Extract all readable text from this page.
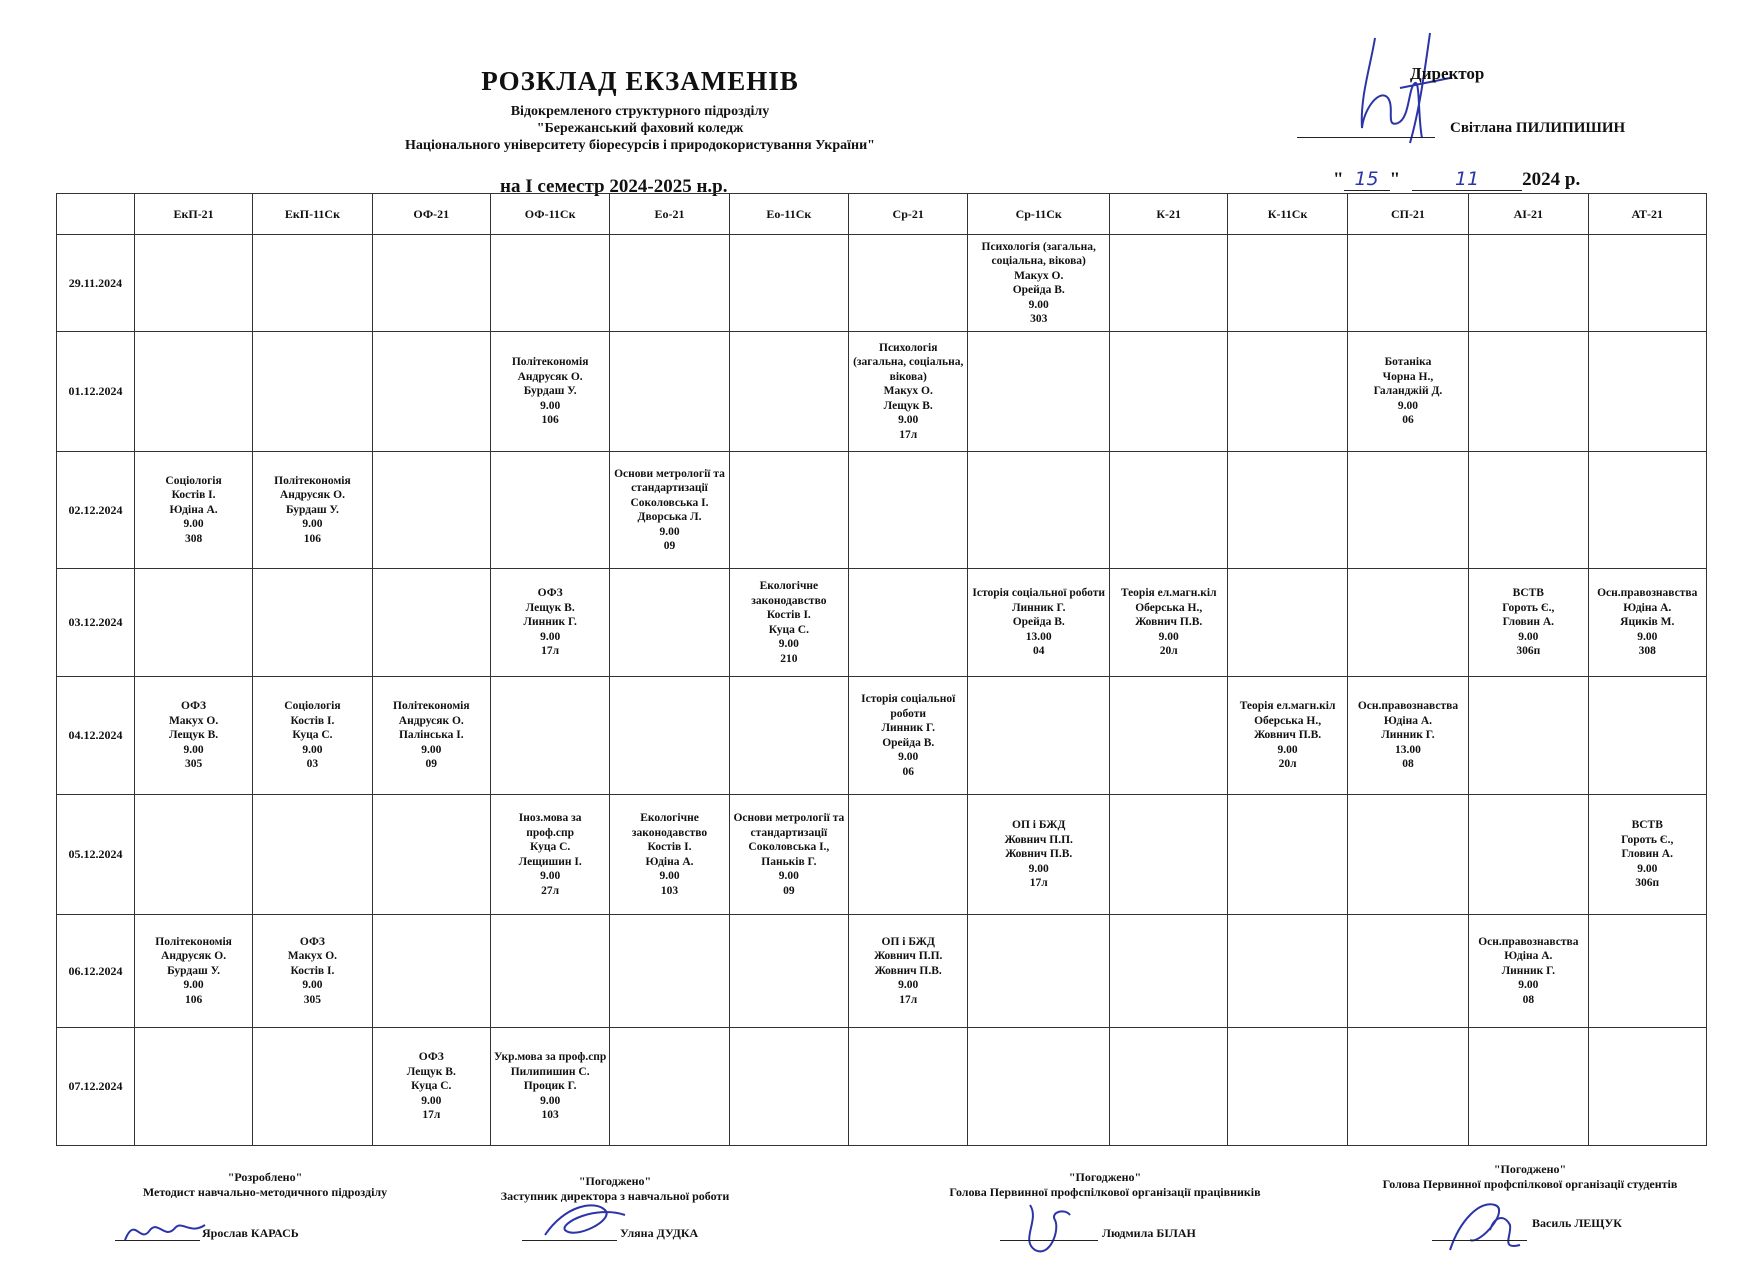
РОЗКЛАД ЕКЗАМЕНІВ
Відокремленого структурного підрозділу
"Бережанський фаховий коледж
Національного університету біоресурсів і природокористування України"
на І семестр 2024-2025 н.р.
Директор
Світлана ПИЛИПИШИН
" 15 "	11 2024 р.
	ЕкП-21	ЕкП-11Ск	ОФ-21	ОФ-11Ск	Ео-21	Ео-11Ск	Ср-21	Ср-11Ск	К-21	К-11Ск	СП-21	АІ-21	АТ-21
29.11.2024								Психологія (загальна, соціальна, вікова)
Макух О.
Орейда В.
9.00
303					

01.12.2024				Політекономія
Андрусяк О.
Бурдаш У.
9.00
106			Психологія (загальна, соціальна, вікова)
Макух О.
Лещук В.
9.00
17л				Ботаніка
Чорна Н.,
Галанджій Д.
9.00
06		

02.12.2024	Соціологія
Костів І.
Юдіна А.
9.00
308	Політекономія
Андрусяк О.
Бурдаш У.
9.00
106			Основи метрології та стандартизації
Соколовська І.
Дворська Л.
9.00
09								

03.12.2024				ОФЗ
Лещук В.
Линник Г.
9.00
17л		Екологічне законодавство
Костів І.
Куца С.
9.00
210		Історія соціальної роботи
Линник Г.
Орейда В.
13.00
04	Теорія ел.магн.кіл
Оберська Н.,
Жовнич П.В.
9.00
20л			ВСТВ
Гороть Є.,
Гловин А.
9.00
306п	Осн.правознавства
Юдіна А.
Яциків М.
9.00
308

04.12.2024	ОФЗ
Макух О.
Лещук В.
9.00
305	Соціологія
Костів І.
Куца С.
9.00
03	Політекономія
Андрусяк О.
Палінська І.
9.00
09				Історія соціальної роботи
Линник Г.
Орейда В.
9.00
06			Теорія ел.магн.кіл
Оберська Н.,
Жовнич П.В.
9.00
20л	Осн.правознавства
Юдіна А.
Линник Г.
13.00
08		

05.12.2024				Іноз.мова за проф.спр
Куца С.
Лещишин І.
9.00
27л	Екологічне законодавство
Костів І.
Юдіна А.
9.00
103	Основи метрології та стандартизації
Соколовська І.,
Паньків Г.
9.00
09		ОП і БЖД
Жовнич П.П.
Жовнич П.В.
9.00
17л					ВСТВ
Гороть Є.,
Гловин А.
9.00
306п

06.12.2024	Політекономія
Андрусяк О.
Бурдаш У.
9.00
106	ОФЗ
Макух О.
Костів І.
9.00
305					ОП і БЖД
Жовнич П.П.
Жовнич П.В.
9.00
17л					Осн.правознавства
Юдіна А.
Линник Г.
9.00
08	

07.12.2024			ОФЗ
Лещук В.
Куца С.
9.00
17л	Укр.мова за проф.спр
Пилипишин С.
Процик Г.
9.00
103									

"Розроблено"
Методист навчально-методичного підрозділу
Ярослав КАРАСЬ
"Погоджено"
Заступник директора з навчальної роботи
Уляна ДУДКА
"Погоджено"
Голова Первинної профспілкової організації працівників
Людмила БІЛАН
"Погоджено"
Голова Первинної профспілкової організації студентів
Василь ЛЕЩУК
